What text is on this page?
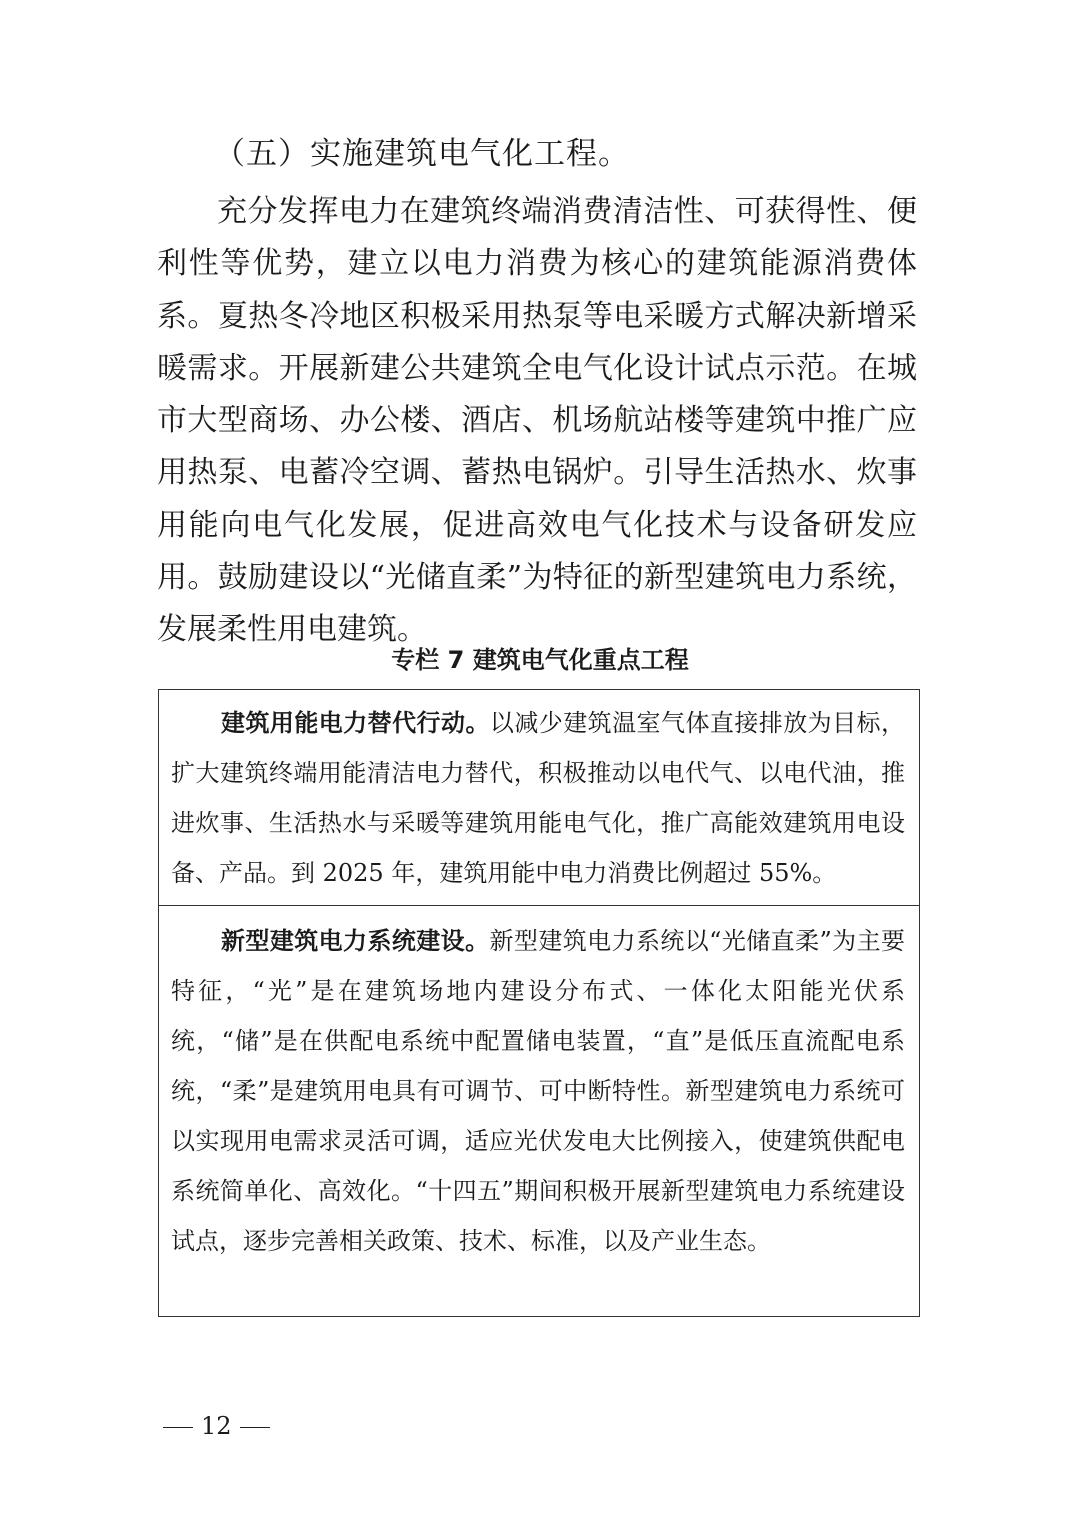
（五）实施建筑电气化工程。

充分发挥电力在建筑终端消费清洁性、可获得性、便利性等优势，建立以电力消费为核心的建筑能源消费体系。夏热冬冷地区积极采用热泵等电采暖方式解决新增采暖需求。开展新建公共建筑全电气化设计试点示范。在城市大型商场、办公楼、酒店、机场航站楼等建筑中推广应用热泵、电蓄冷空调、蓄热电锅炉。引导生活热水、炊事用能向电气化发展，促进高效电气化技术与设备研发应用。鼓励建设以“光储直柔”为特征的新型建筑电力系统，发展柔性用电建筑。

专栏 7 建筑电气化重点工程

建筑用能电力替代行动。以减少建筑温室气体直接排放为目标，扩大建筑终端用能清洁电力替代，积极推动以电代气、以电代油，推进炊事、生活热水与采暖等建筑用能电气化，推广高能效建筑用电设备、产品。到 2025 年，建筑用能中电力消费比例超过 55%。

新型建筑电力系统建设。新型建筑电力系统以“光储直柔”为主要特征，“光”是在建筑场地内建设分布式、一体化太阳能光伏系统，“储”是在供配电系统中配置储电装置，“直”是低压直流配电系统，“柔”是建筑用电具有可调节、可中断特性。新型建筑电力系统可以实现用电需求灵活可调，适应光伏发电大比例接入，使建筑供配电系统简单化、高效化。“十四五”期间积极开展新型建筑电力系统建设试点，逐步完善相关政策、技术、标准，以及产业生态。

12
